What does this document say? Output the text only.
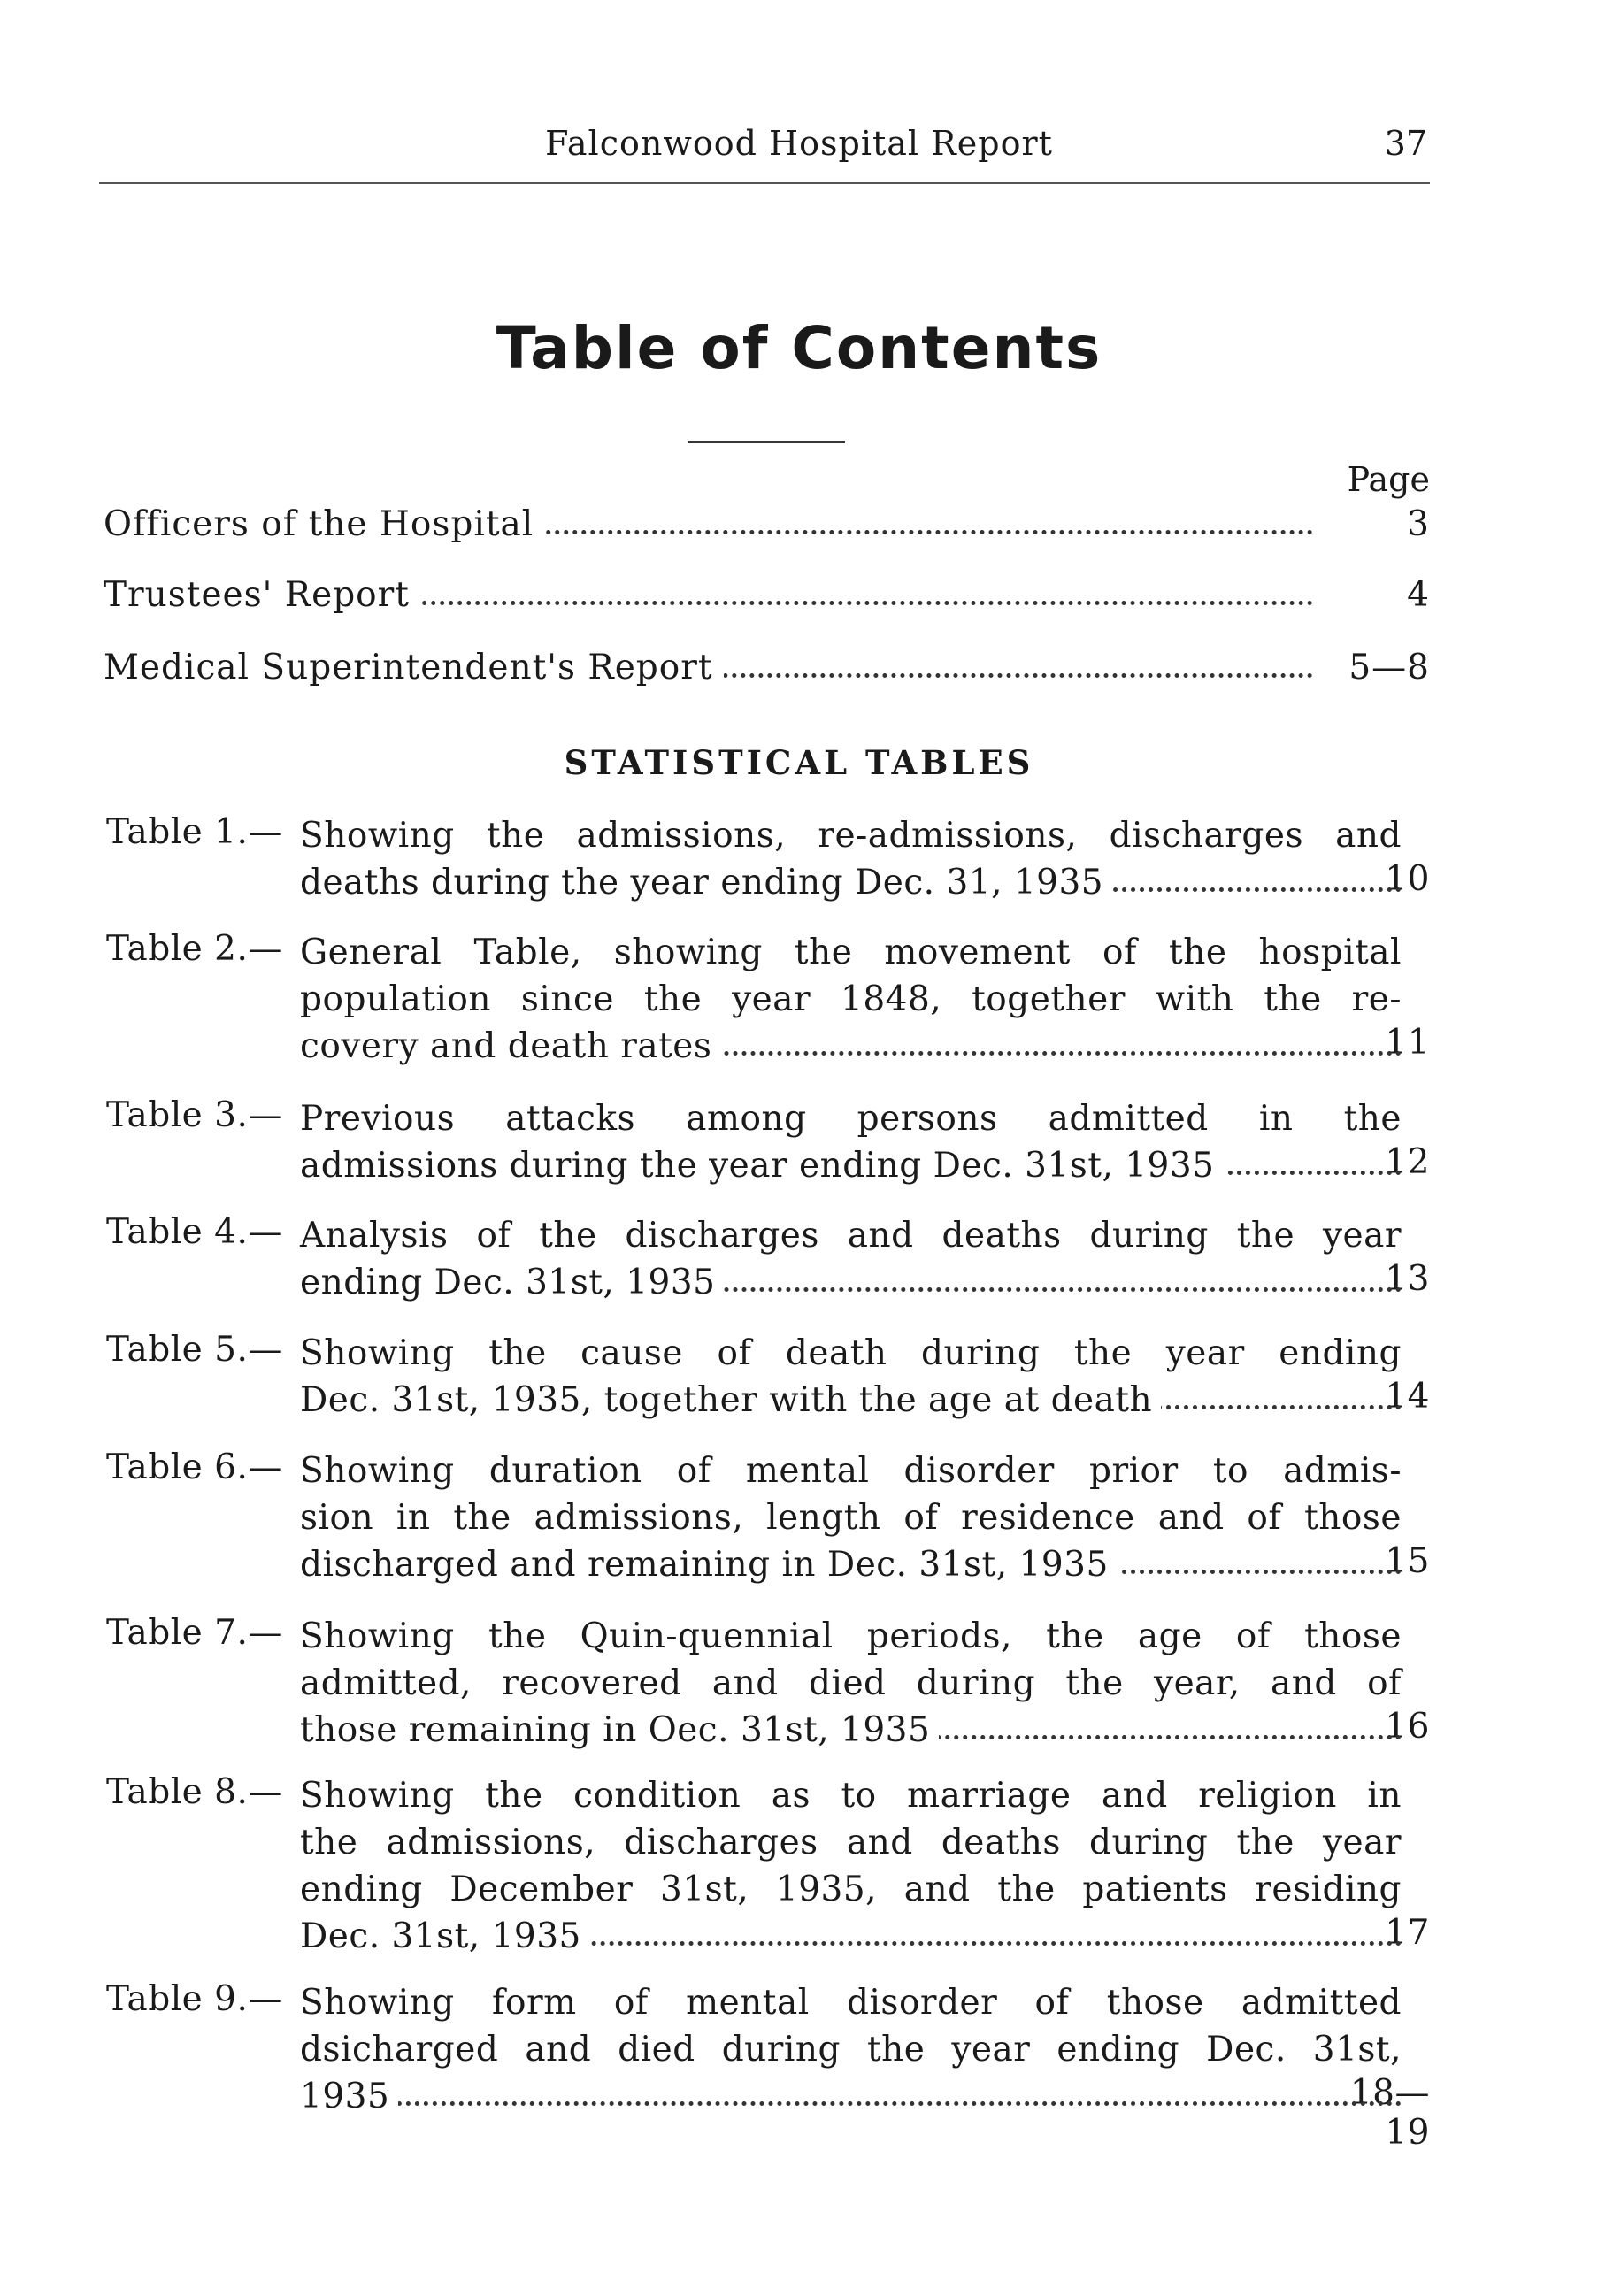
Falconwood Hospital Report	37
Table of Contents
Page
Officers of the Hospital	3
Trustees' Report	4
Medical Superintendent's Report	5—8
STATISTICAL TABLES
Table 1.— Showing the admissions, re-admissions, discharges and
deaths during the year ending Dec. 31, 1935	10
Table 2.— General Table, showing the movement of the hospital
population since the year 1848, together with the re-
covery and death rates	11
Table 3.— Previous attacks among persons admitted in the
admissions during the year ending Dec. 31st, 1935	12
Table 4.— Analysis of the discharges and deaths during the year
ending Dec. 31st, 1935	13
Table 5.— Showing the cause of death during the year ending
Dec. 31st, 1935, together with the age at death	14
Table 6.— Showing duration of mental disorder prior to admis-
sion in the admissions, length of residence and of those
discharged and remaining in Dec. 31st, 1935	15
Table 7.— Showing the Quin-quennial periods, the age of those
admitted, recovered and died during the year, and of
those remaining in Oec. 31st, 1935	16
Table 8.— Showing the condition as to marriage and religion in
the admissions, discharges and deaths during the year
ending December 31st, 1935, and the patients residing
Dec. 31st, 1935	17
Table 9.— Showing form of mental disorder of those admitted
dsicharged and died during the year ending Dec. 31st,
1935	18—19
